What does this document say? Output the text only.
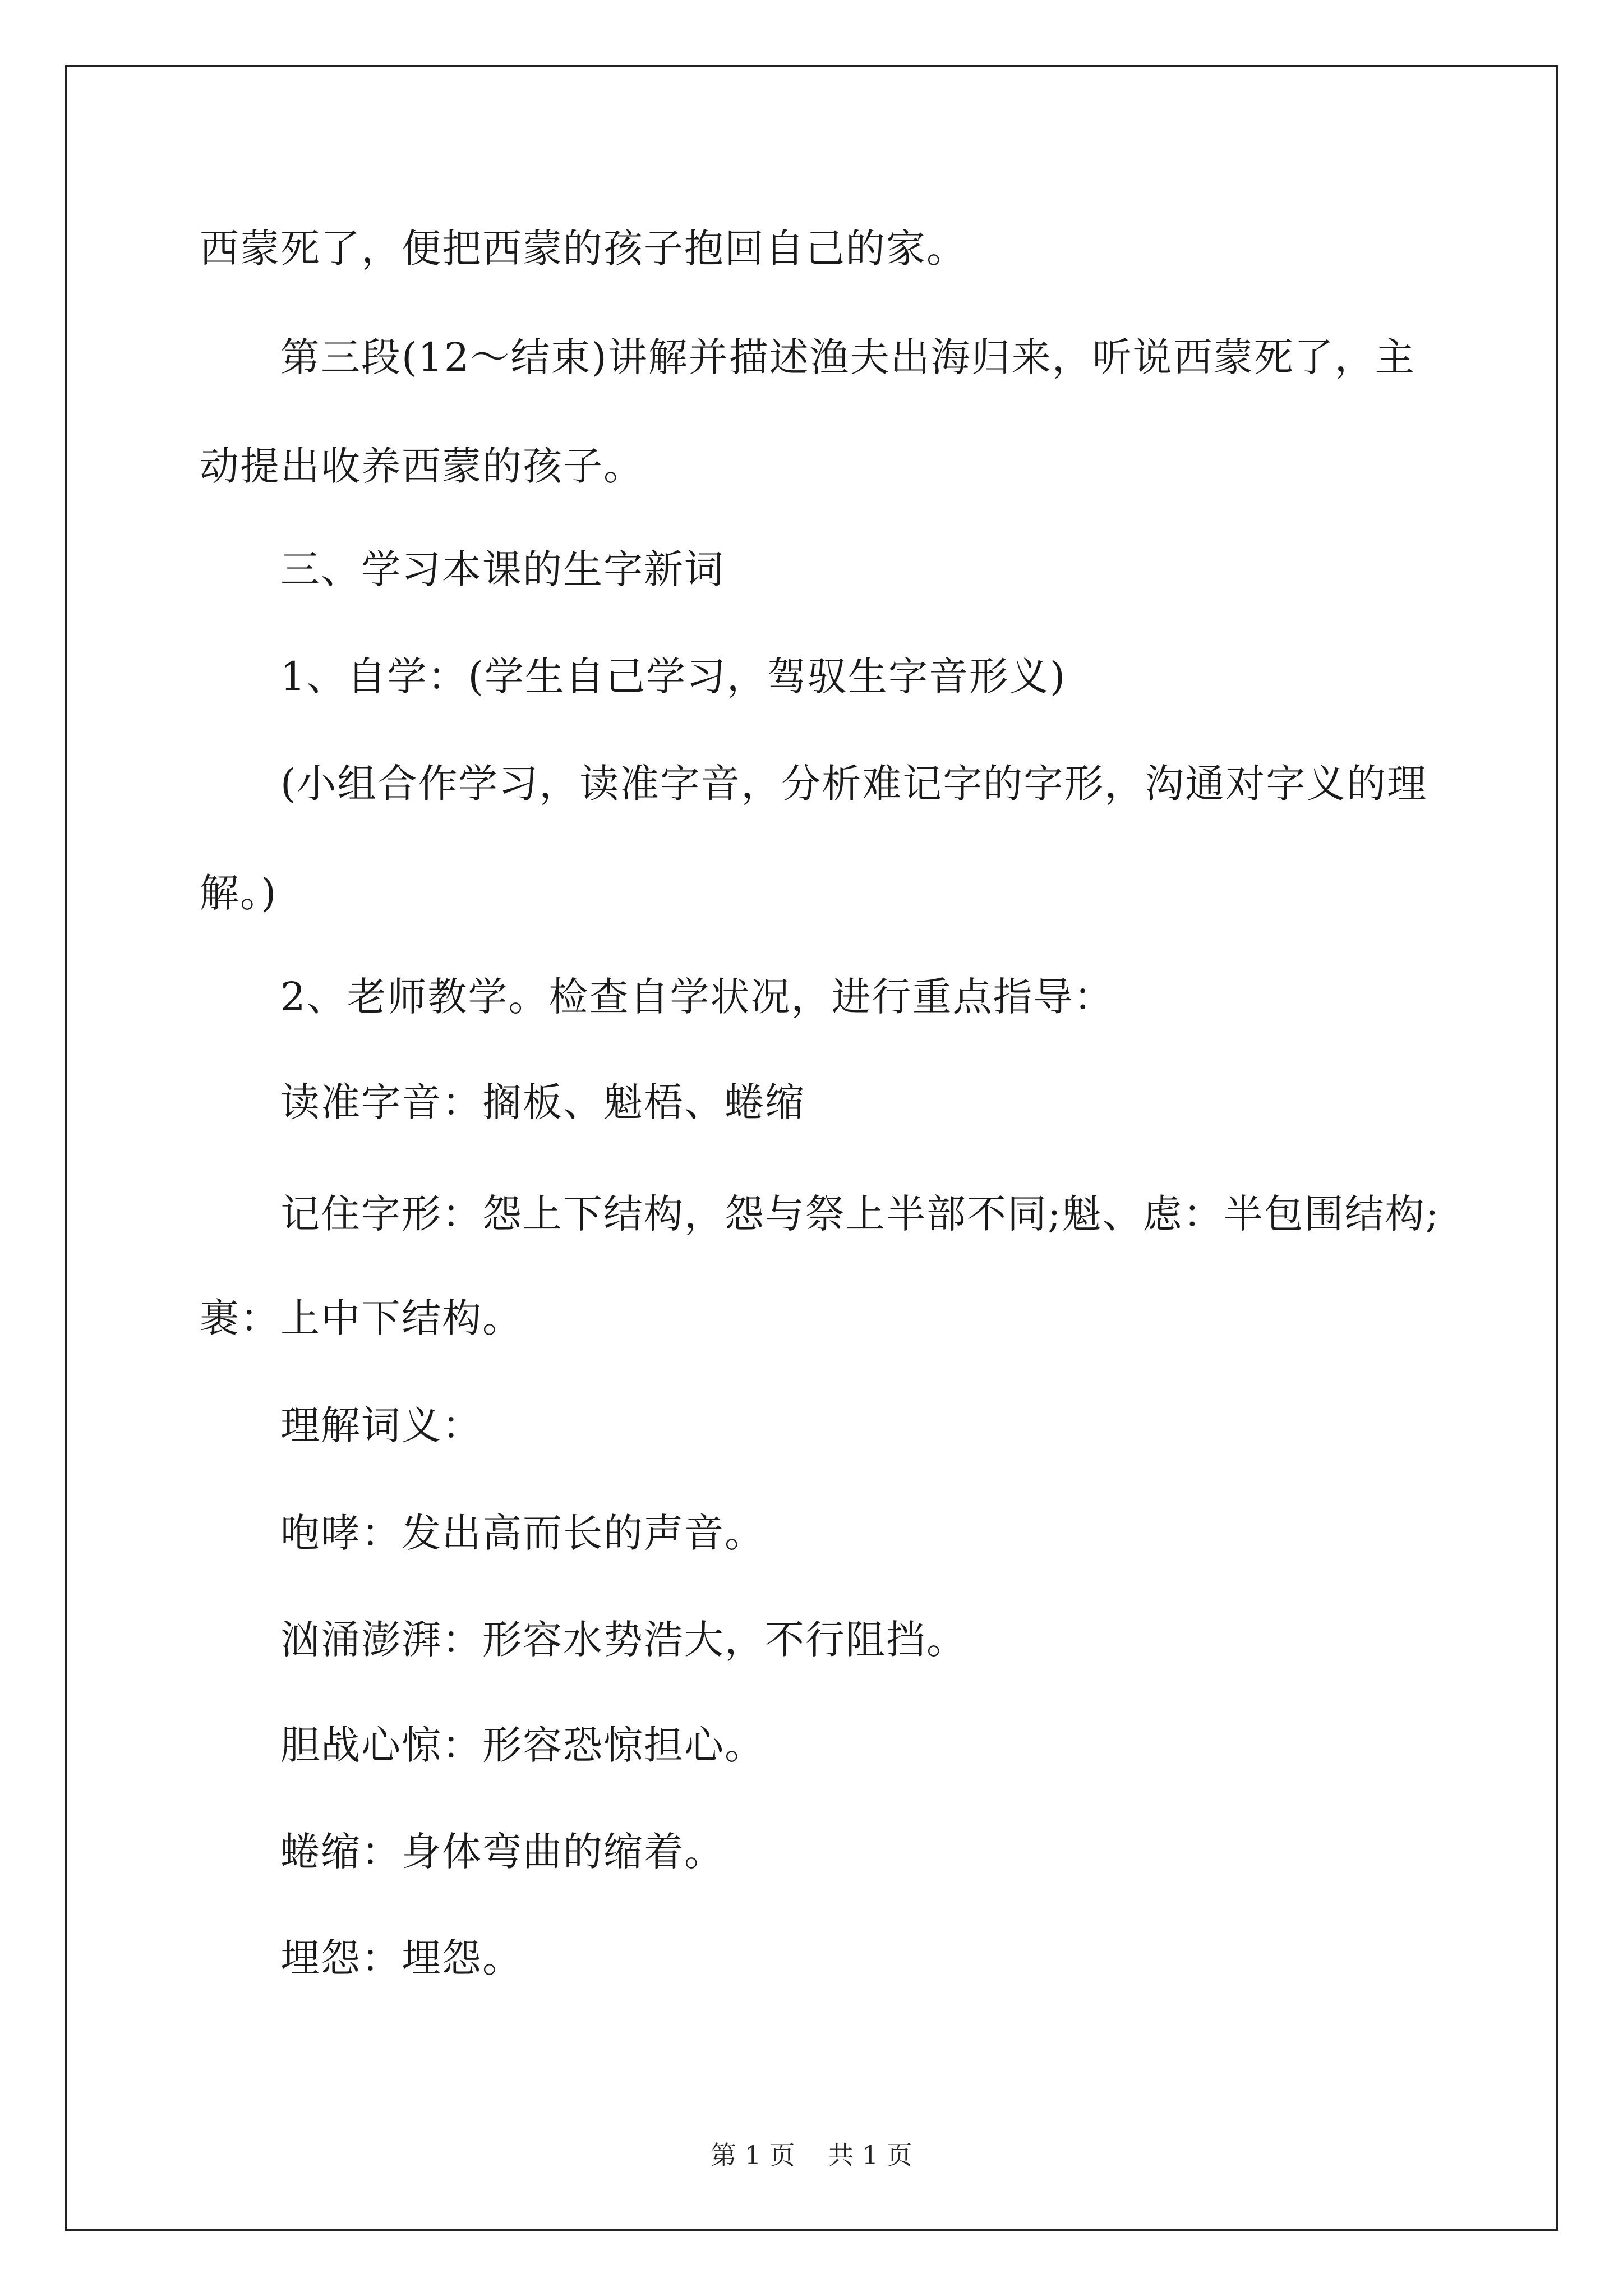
西蒙死了，便把西蒙的孩子抱回自己的家。
第三段(12～结束)讲解并描述渔夫出海归来，听说西蒙死了，主
动提出收养西蒙的孩子。
三、学习本课的生字新词
1、自学：(学生自己学习，驾驭生字音形义)
(小组合作学习，读准字音，分析难记字的字形，沟通对字义的理
解。)
2、老师教学。检查自学状况，进行重点指导：
读准字音：搁板、魁梧、蜷缩
记住字形：怨上下结构，怨与祭上半部不同;魁、虑：半包围结构;
裹：上中下结构。
理解词义：
咆哮：发出高而长的声音。
汹涌澎湃：形容水势浩大，不行阻挡。
胆战心惊：形容恐惊担心。
蜷缩：身体弯曲的缩着。
埋怨：埋怨。
第 1 页    共 1 页
